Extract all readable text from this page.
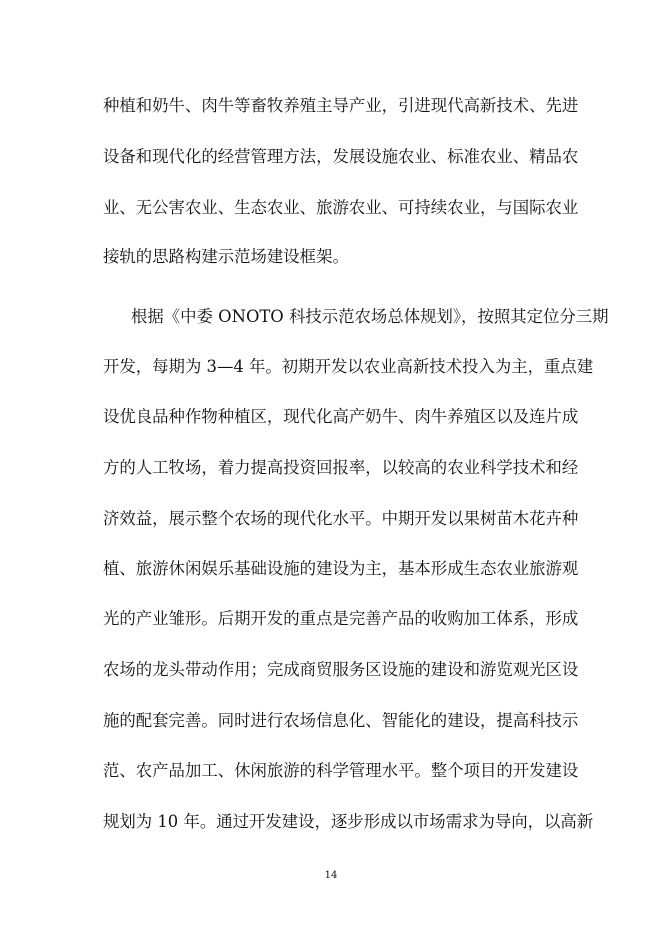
种植和奶牛、肉牛等畜牧养殖主导产业，引进现代高新技术、先进
设备和现代化的经营管理方法，发展设施农业、标准农业、精品农
业、无公害农业、生态农业、旅游农业、可持续农业，与国际农业
接轨的思路构建示范场建设框架。
根据《中委 ONOTO 科技示范农场总体规划》，按照其定位分三期
开发，每期为 3—4 年。初期开发以农业高新技术投入为主，重点建
设优良品种作物种植区，现代化高产奶牛、肉牛养殖区以及连片成
方的人工牧场，着力提高投资回报率，以较高的农业科学技术和经
济效益，展示整个农场的现代化水平。中期开发以果树苗木花卉种
植、旅游休闲娱乐基础设施的建设为主，基本形成生态农业旅游观
光的产业雏形。后期开发的重点是完善产品的收购加工体系，形成
农场的龙头带动作用；完成商贸服务区设施的建设和游览观光区设
施的配套完善。同时进行农场信息化、智能化的建设，提高科技示
范、农产品加工、休闲旅游的科学管理水平。整个项目的开发建设
规划为 10 年。通过开发建设，逐步形成以市场需求为导向，以高新
14
